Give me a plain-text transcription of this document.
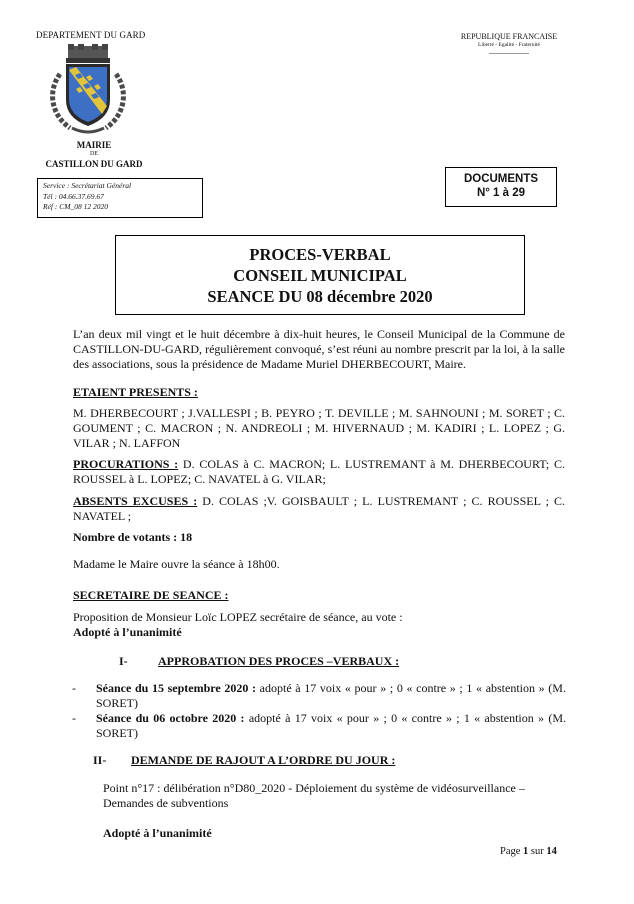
DEPARTEMENT DU GARD	REPUBLIQUE FRANCAISE
Liberté - Egalité - Fraternité
MAIRIE
DE
CASTILLON DU GARD
Service : Secrétariat Général
Tél : 04.66.37.69.67
Réf : CM_08 12 2020
DOCUMENTS
N° 1 à 29
PROCES-VERBAL
CONSEIL MUNICIPAL
SEANCE DU 08 décembre 2020
L’an deux mil vingt et le huit décembre à dix-huit heures, le Conseil Municipal de la Commune de CASTILLON-DU-GARD, régulièrement convoqué, s’est réuni au nombre prescrit par la loi, à la salle des associations, sous la présidence de Madame Muriel DHERBECOURT, Maire.
ETAIENT PRESENTS :
M. DHERBECOURT ; J.VALLESPI ; B. PEYRO ; T. DEVILLE ; M. SAHNOUNI ; M. SORET ; C. GOUMENT ; C. MACRON ; N. ANDREOLI ; M. HIVERNAUD ; M. KADIRI ; L. LOPEZ ; G. VILAR ; N. LAFFON
PROCURATIONS : D. COLAS à C. MACRON; L. LUSTREMANT à M. DHERBECOURT; C. ROUSSEL à L. LOPEZ; C. NAVATEL à G. VILAR;
ABSENTS EXCUSES : D. COLAS ;V. GOISBAULT ; L. LUSTREMANT ; C. ROUSSEL ; C. NAVATEL ;
Nombre de votants : 18
Madame le Maire ouvre la séance à 18h00.
SECRETAIRE DE SEANCE :
Proposition de Monsieur Loïc LOPEZ secrétaire de séance, au vote :
Adopté à l’unanimité
I-	APPROBATION DES PROCES –VERBAUX :
- Séance du 15 septembre 2020 : adopté à 17 voix « pour » ; 0 « contre » ; 1 « abstention » (M. SORET)
- Séance du 06 octobre 2020 : adopté à 17 voix « pour » ; 0 « contre » ; 1 « abstention » (M. SORET)
II- DEMANDE DE RAJOUT A L’ORDRE DU JOUR :
Point n°17 : délibération n°D80_2020 - Déploiement du système de vidéosurveillance – Demandes de subventions
Adopté à l’unanimité
Page 1 sur 14
